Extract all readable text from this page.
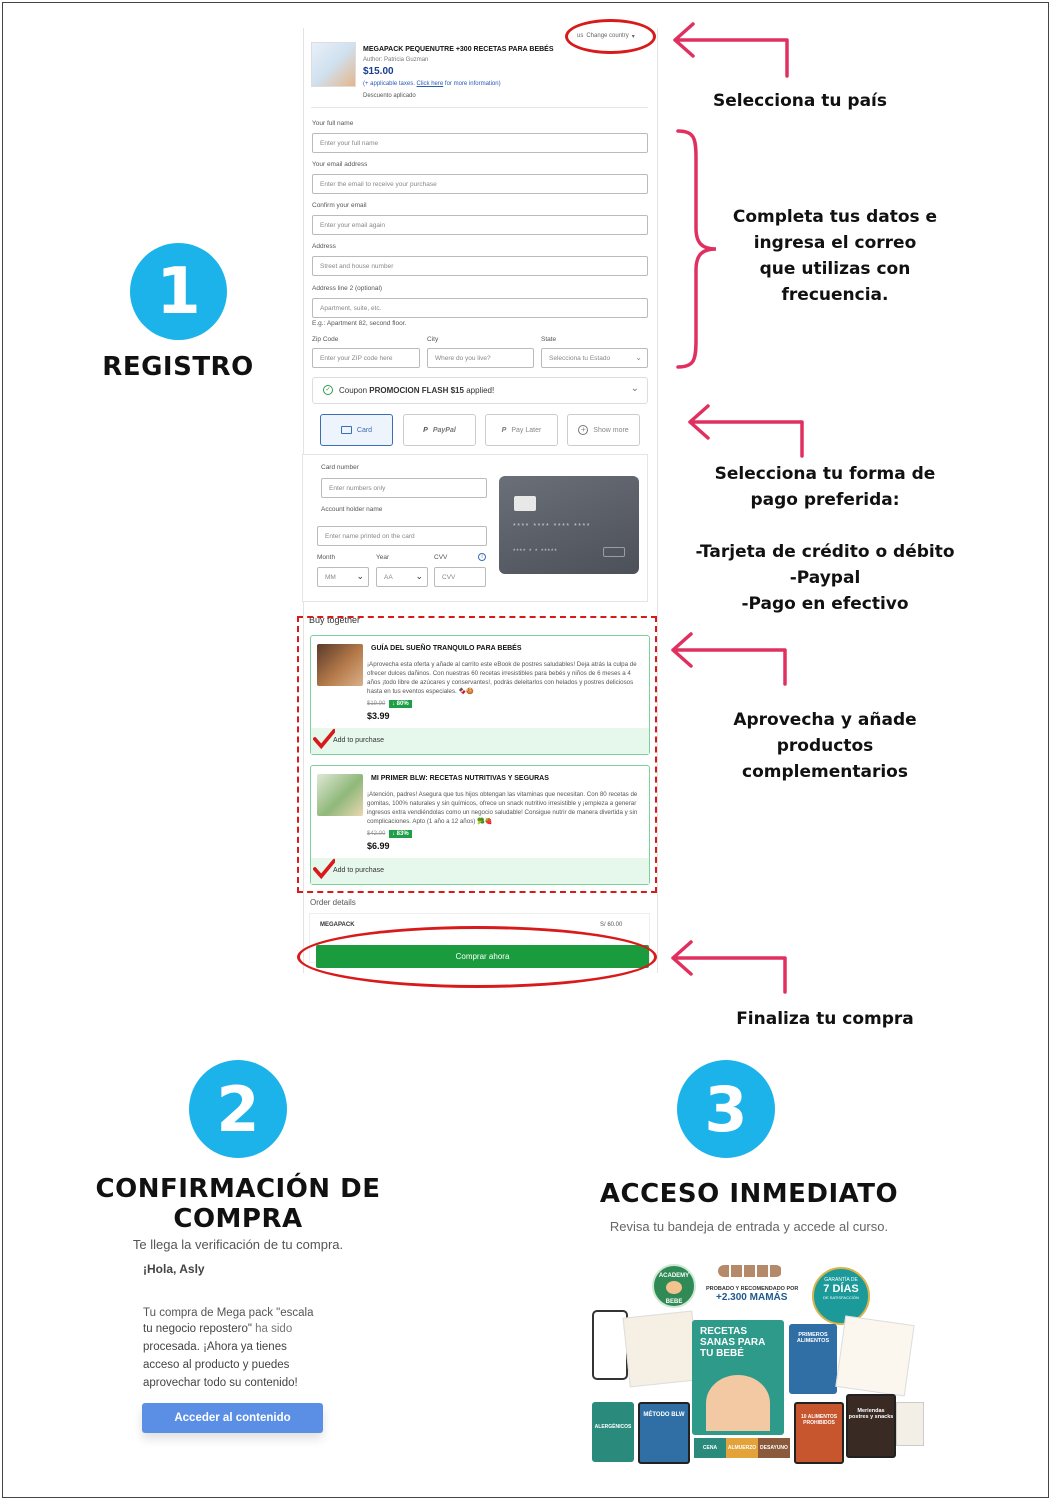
1
REGISTRO
us Change country ▾
MEGAPACK PEQUENUTRE +300 RECETAS PARA BEBÉS
Author: Patricia Guzman
$15.00
(+ applicable taxes. Click here for more information)
Descuento aplicado
Your full name
Enter your full name
Your email address
Enter the email to receive your purchase
Confirm your email
Enter your email again
Address
Street and house number
Address line 2 (optional)
Apartment, suite, etc.
E.g.: Apartment 82, second floor.
Zip Code
Enter your ZIP code here
City
Where do you live?
State
Selecciona tu Estado	⌄
✓	Coupon PROMOCION FLASH $15 applied!	⌄
Card	P PayPal	P Pay Later	+	Show more
Card number
Enter numbers only
Account holder name
Enter name printed on the card
Month
MM ⌄
Year
AA	⌄
CVV	i
CVV
**** **** **** ****
**** * * *****
Buy together
GUÍA DEL SUEÑO TRANQUILO PARA BEBÉS
¡Aprovecha esta oferta y añade al carrito este eBook de postres saludables! Deja atrás la culpa de ofrecer dulces dañinos. Con nuestras 60 recetas irresistibles para bebés y niños de 6 meses a 4 años ¡todo libre de azúcares y conservantes!, podrás deleitarlos con helados y postres deliciosos hasta en tus eventos especiales. 🍫🍪
$19.90	↓ 80%
$3.99
Add to purchase
MI PRIMER BLW: RECETAS NUTRITIVAS Y SEGURAS
¡Atención, padres! Asegura que tus hijos obtengan las vitaminas que necesitan. Con 80 recetas de gomitas, 100% naturales y sin químicos, ofrece un snack nutritivo irresistible y ¡empieza a generar ingresos extra vendiéndolas como un negocio saludable! Consigue nutrir de manera divertida y sin complicaciones. Apto (1 año a 12 años) 🥦🍓
$42.00	↓ 83%
$6.99
Add to purchase
Order details
MEGAPACK	S/ 60.00
Comprar ahora
Selecciona tu país
Completa tus datos e
ingresa el correo
que utilizas con
frecuencia.
Selecciona tu forma de
pago preferida:
-Tarjeta de crédito o débito
-Paypal
-Pago en efectivo
Aprovecha y añade
productos
complementarios
Finaliza tu compra
2
CONFIRMACIÓN DE
COMPRA
Te llega la verificación de tu compra.
¡Hola, Asly
Tu compra de Mega pack "escala
tu negocio repostero" ha sido
procesada. ¡Ahora ya tienes
acceso al producto y puedes
aprovechar todo su contenido!
Acceder al contenido
3
ACCESO INMEDIATO
Revisa tu bandeja de entrada y accede al curso.
ACADEMY

BEBE
PROBADO Y RECOMENDADO POR
+2.300 MAMÁS
GARANTÍA DE
7 DÍAS
DE SATISFACCIÓN
RECETAS SANAS PARA TU BEBÉ
PRIMEROS ALIMENTOS
ALERGÉNICOS
MÉTODO BLW
CENA	ALMUERZO DESAYUNO
10 ALIMENTOS PROHIBIDOS
Meriendas postres y snacks
